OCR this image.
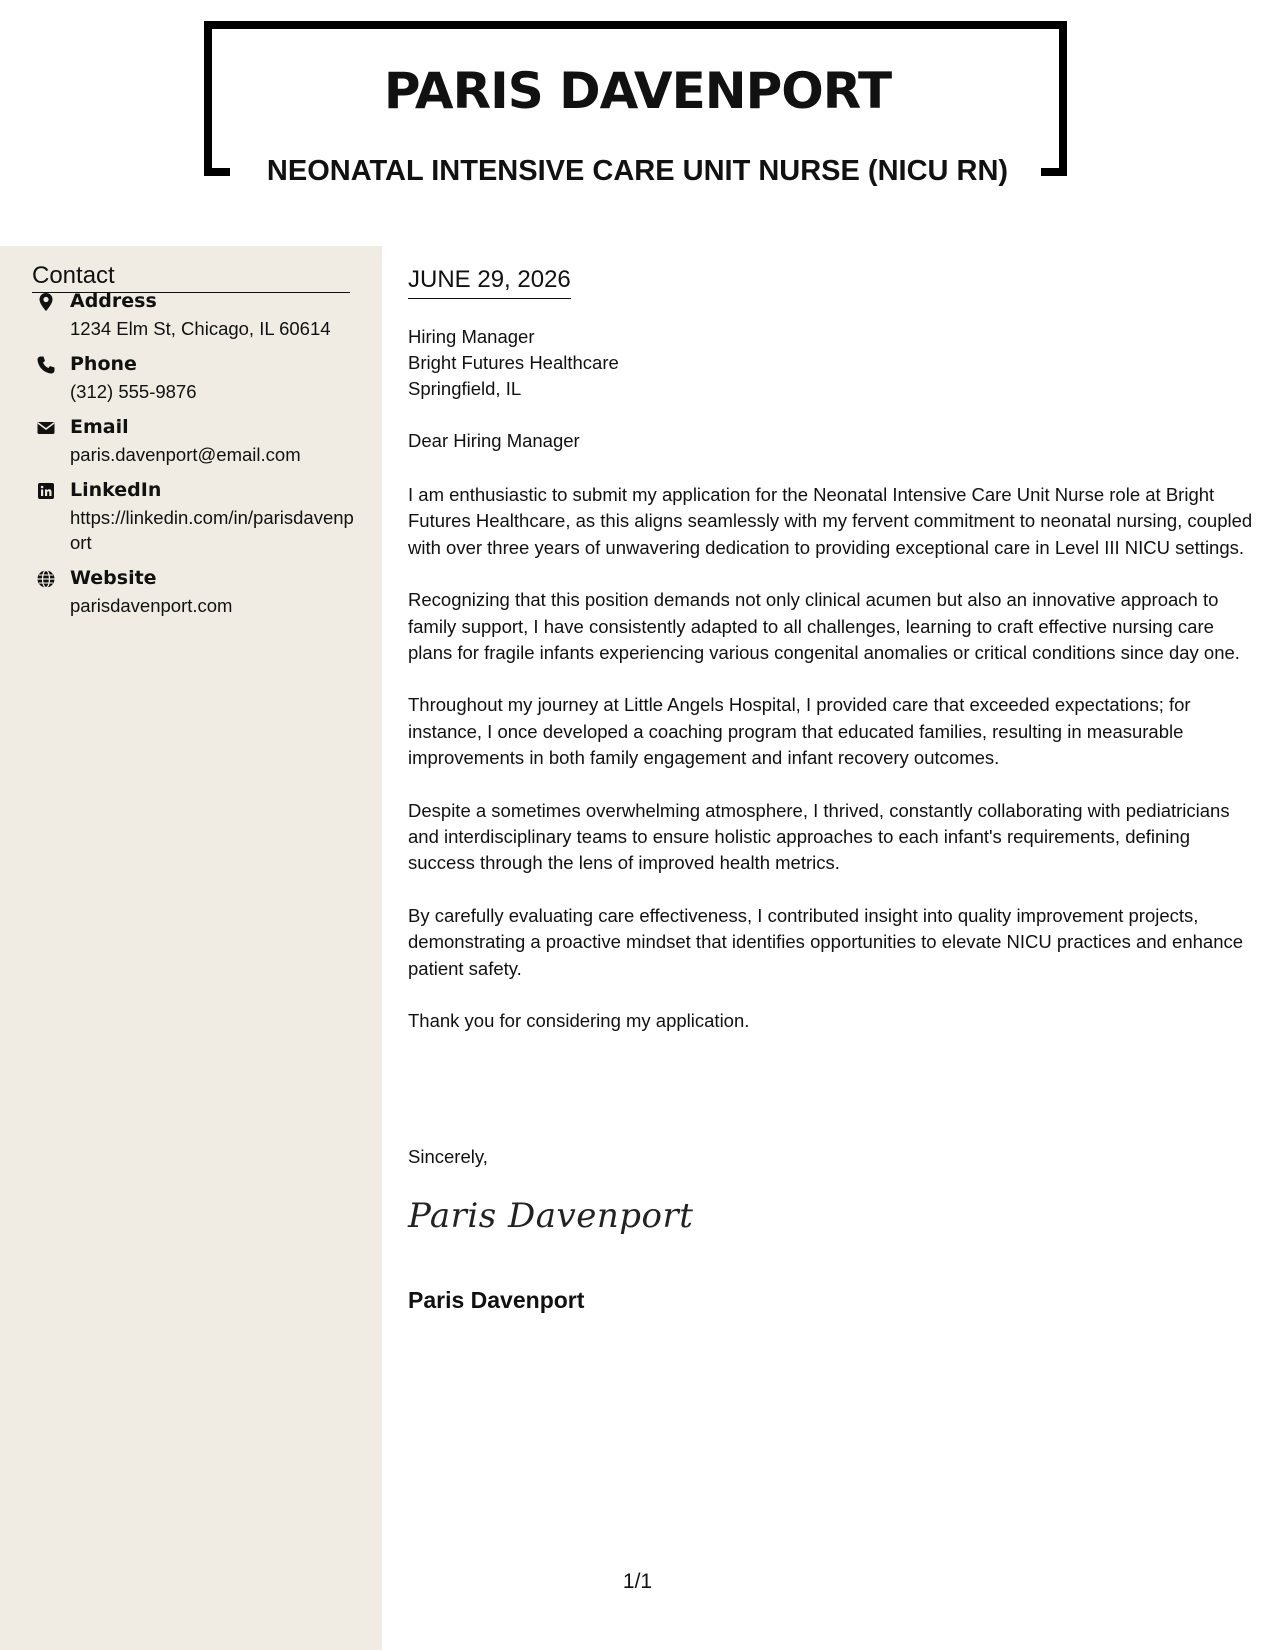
PARIS DAVENPORT
NEONATAL INTENSIVE CARE UNIT NURSE (NICU RN)
Contact
Address
1234 Elm St, Chicago, IL 60614
Phone
(312) 555-9876
Email
paris.davenport@email.com
LinkedIn
https://linkedin.com/in/parisdavenport
Website
parisdavenport.com
JUNE 29, 2026
Hiring Manager
Bright Futures Healthcare
Springfield, IL
Dear Hiring Manager

I am enthusiastic to submit my application for the Neonatal Intensive Care Unit Nurse role at Bright Futures Healthcare, as this aligns seamlessly with my fervent commitment to neonatal nursing, coupled with over three years of unwavering dedication to providing exceptional care in Level III NICU settings.

Recognizing that this position demands not only clinical acumen but also an innovative approach to family support, I have consistently adapted to all challenges, learning to craft effective nursing care plans for fragile infants experiencing various congenital anomalies or critical conditions since day one.

Throughout my journey at Little Angels Hospital, I provided care that exceeded expectations; for instance, I once developed a coaching program that educated families, resulting in measurable improvements in both family engagement and infant recovery outcomes.

Despite a sometimes overwhelming atmosphere, I thrived, constantly collaborating with pediatricians and interdisciplinary teams to ensure holistic approaches to each infant's requirements, defining success through the lens of improved health metrics.

By carefully evaluating care effectiveness, I contributed insight into quality improvement projects, demonstrating a proactive mindset that identifies opportunities to elevate NICU practices and enhance patient safety.

Thank you for considering my application.

Sincerely,
Paris Davenport
Paris Davenport
1/1
